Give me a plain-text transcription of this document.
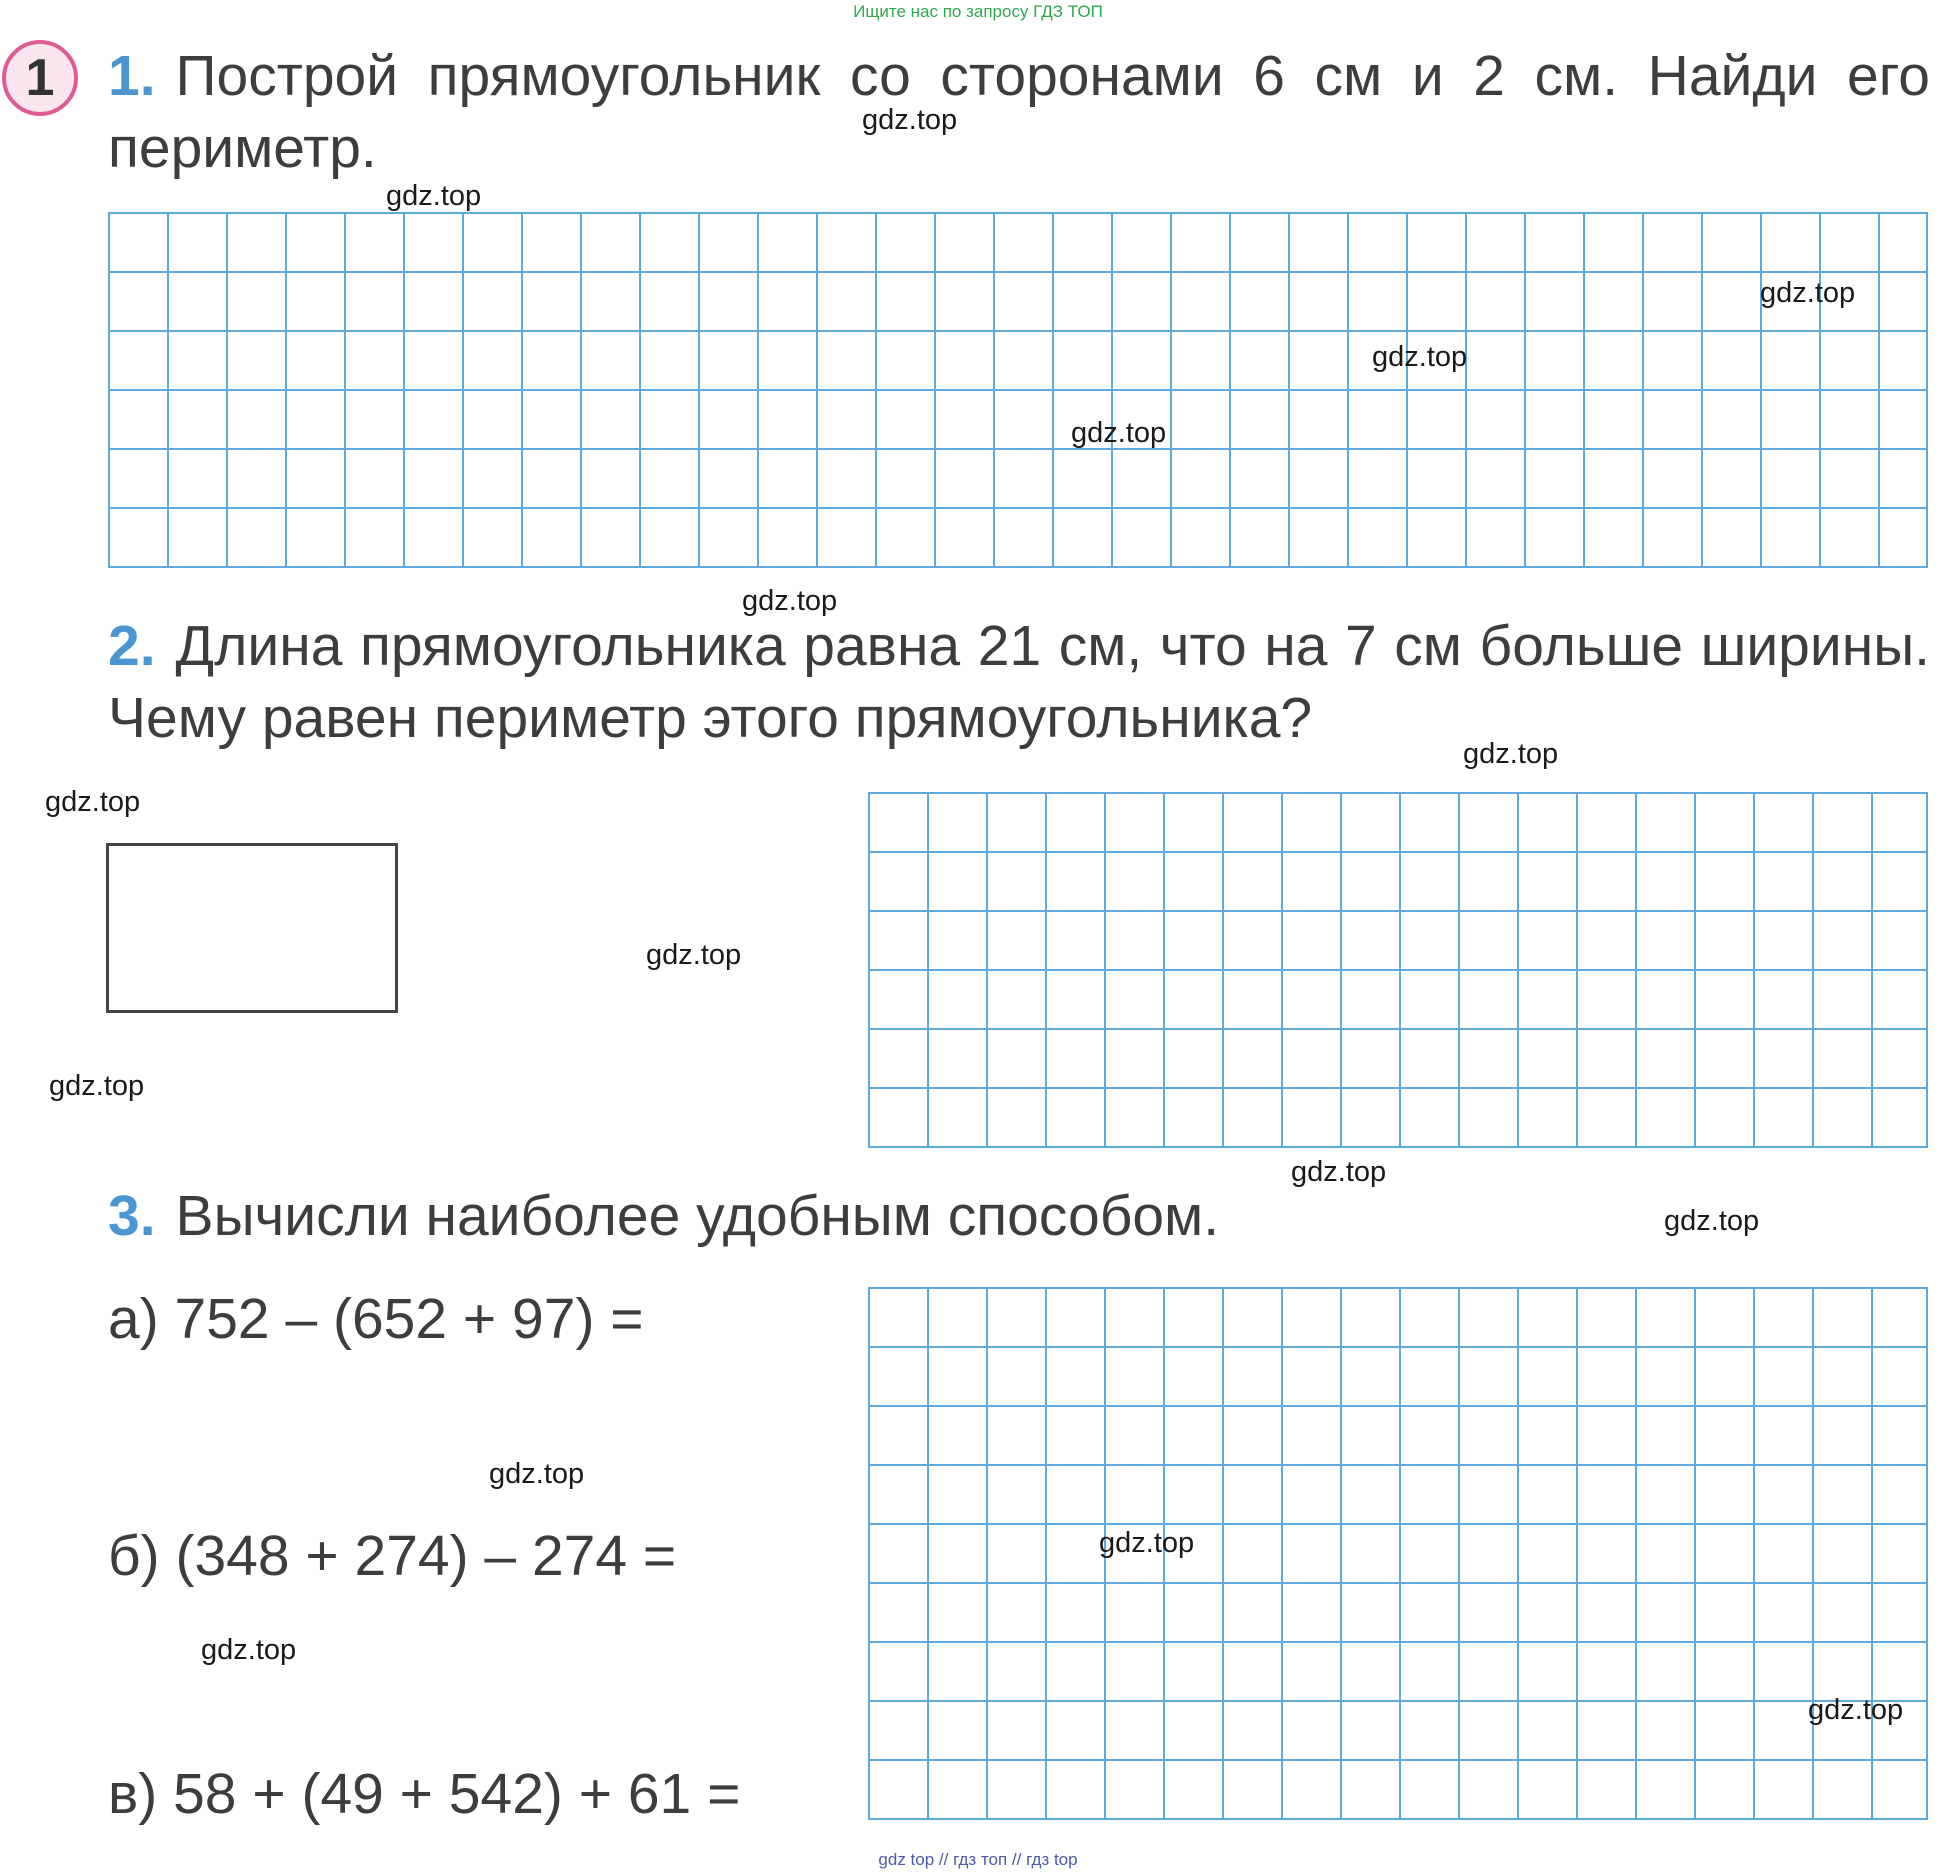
Ищите нас по запросу ГДЗ ТОП
1 1. Построй прямоугольник со сторонами 6 см и 2 см. Найди его периметр.
2. Длина прямоугольника равна 21 см, что на 7 см больше ширины. Чему равен периметр этого прямоугольника?
3. Вычисли наиболее удобным способом.
а) 752 – (652 + 97) =
б) (348 + 274) – 274 =
в) 58 + (49 + 542) + 61 =
gdz.top
gdz.top
gdz.top
gdz.top
gdz.top
gdz.top
gdz.top
gdz.top
gdz.top
gdz.top
gdz.top
gdz.top
gdz.top
gdz.top
gdz.top
gdz.top
gdz top // гдз топ // гдз top
